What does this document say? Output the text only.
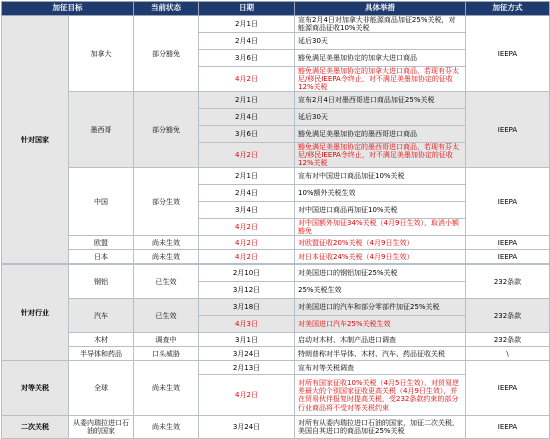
加征目标		当前状态	日期	具体举措	加征方式
针对国家	加拿大	部分豁免	2月1日	宣布2月4日对加拿大非能源商品加征25%关税，对能源商品征收10%关税	IEEPA
			2月4日	延后30天	
			3月6日	豁免满足美墨加协定的加拿大进口商品	
			4月2日	豁免满足美墨加协定的加拿大进口商品，若现有芬太尼/移民IEEPA令终止，对不满足美墨加协定的征收12%关税	
	墨西哥	部分豁免	2月1日	宣布2月4日对墨西哥进口商品加征25%关税	IEEPA
			2月4日	延后30天	
			3月6日	豁免满足美墨加协定的墨西哥进口商品	
			4月2日	豁免满足美墨加协定的墨西哥进口商品，若现有芬太尼/移民IEEPA令终止，对不满足美墨加协定的征收12%关税	
	中国	部分生效	2月1日	宣布对中国进口商品加征10%关税	IEEPA
			2月4日	10%额外关税生效	
			3月4日	对中国进口商品再加征10%关税	
			4月2日	对中国额外加征34%关税（4月9日生效），取消小额豁免	
	欧盟	尚未生效	4月2日	对欧盟征收20%关税（4月9日生效）	IEEPA
	日本	尚未生效	4月2日	对日本征收24%关税（4月9日生效）	IEEPA
针对行业	钢铝	已生效	2月10日	对美国进口的钢铝加征25%关税	232条款
			3月12日	25%关税生效	
	汽车	已生效	3月18日	对美国进口的汽车和部分零部件加征25%关税	232条款
			4月3日	对美国进口汽车25%关税生效	
	木材	调查中	3月1日	启动对木材、木制产品进口调查	232条款
	半导体和药品	口头威胁	3月24日	特朗普称对半导体、木材、汽车、药品征收关税	\
对等关税	全球	尚未生效	2月13日	宣布对等关税调查	IEEPA
			4月2日	对所有国家征收10%关税（4月5日生效），对贸易逆差最大的个别国家征收更高关税（4月9日生效），并在贸易伙伴报复时提高关税，受232条款约束的部分行业商品将不受对等关税约束	
二次关税	从委内瑞拉进口石油的国家	尚未生效	3月24日	对所有从委内瑞拉进口石油的国家，加征二次关税，美国自其进口的商品加征25%关税	IEEPA
